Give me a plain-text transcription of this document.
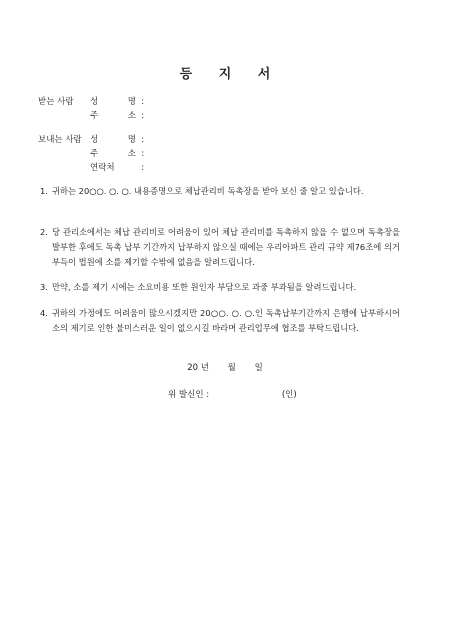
등 지 서
받는 사람 성 명 :
주 소 :
보내는 사람 성 명 :
주 소 :
연락처	:
1. 귀하는 20○○. ○. ○. 내용증명으로 체납관리비 독촉장을 받아 보신 줄 알고 있습니다.
2. 당 관리소에서는 체납 관리비로 어려움이 있어 체납 관리비를 독촉하지 않을 수 없으며 독촉장을 발부한 후에도 독촉 납부 기간까지 납부하지 않으실 때에는 우리아파트 관리 규약 제76조에 의거 부득이 법원에 소를 제기할 수밖에 없음을 알려드립니다.
3. 만약, 소를 제기 시에는 소요비용 또한 원인자 부담으로 과중 부과됨을 알려드립니다.
4. 귀하의 가정에도 어려움이 많으시겠지만 20○○. ○. ○.인 독촉납부기간까지 은행에 납부하시어 소의 제기로 인한 불미스러운 일이 없으시길 바라며 관리업무에 협조를 부탁드립니다.
20 년 월 일
위 발신인 :	(인)
